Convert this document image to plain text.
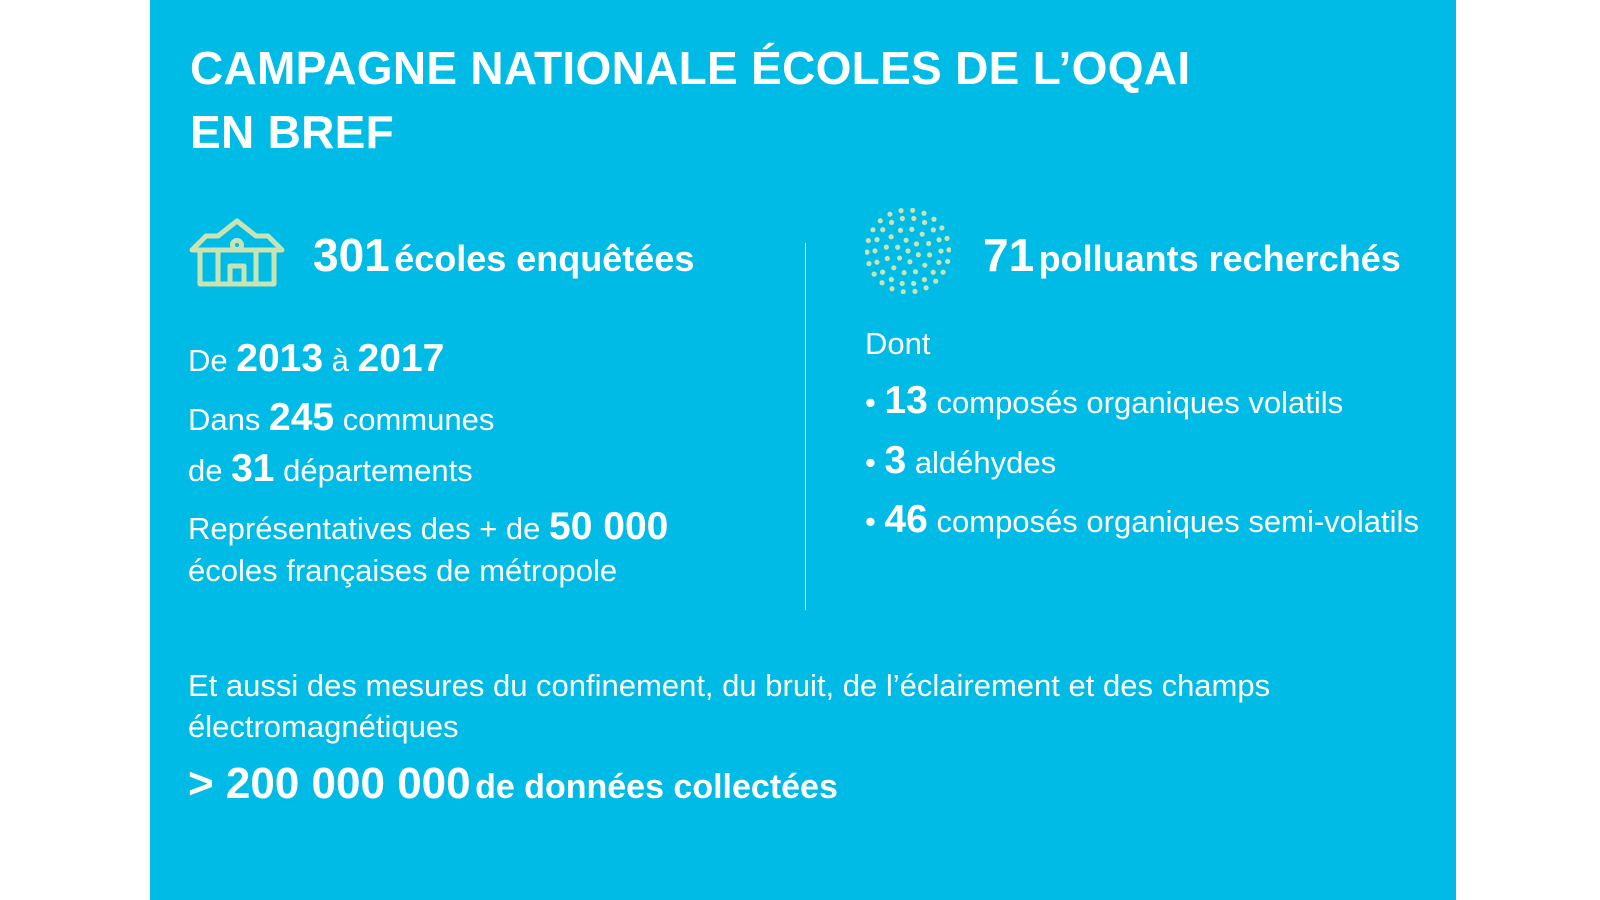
CAMPAGNE NATIONALE ÉCOLES DE L’OQAI
EN BREF
301 écoles enquêtées
De 2013 à 2017
Dans 245 communes
de 31 départements
Représentatives des + de 50 000
écoles françaises de métropole
71 polluants recherchés
Dont
• 13 composés organiques volatils
• 3 aldéhydes
• 46 composés organiques semi-volatils
Et aussi des mesures du confinement, du bruit, de l’éclairement et des champs
électromagnétiques
> 200 000 000 de données collectées
